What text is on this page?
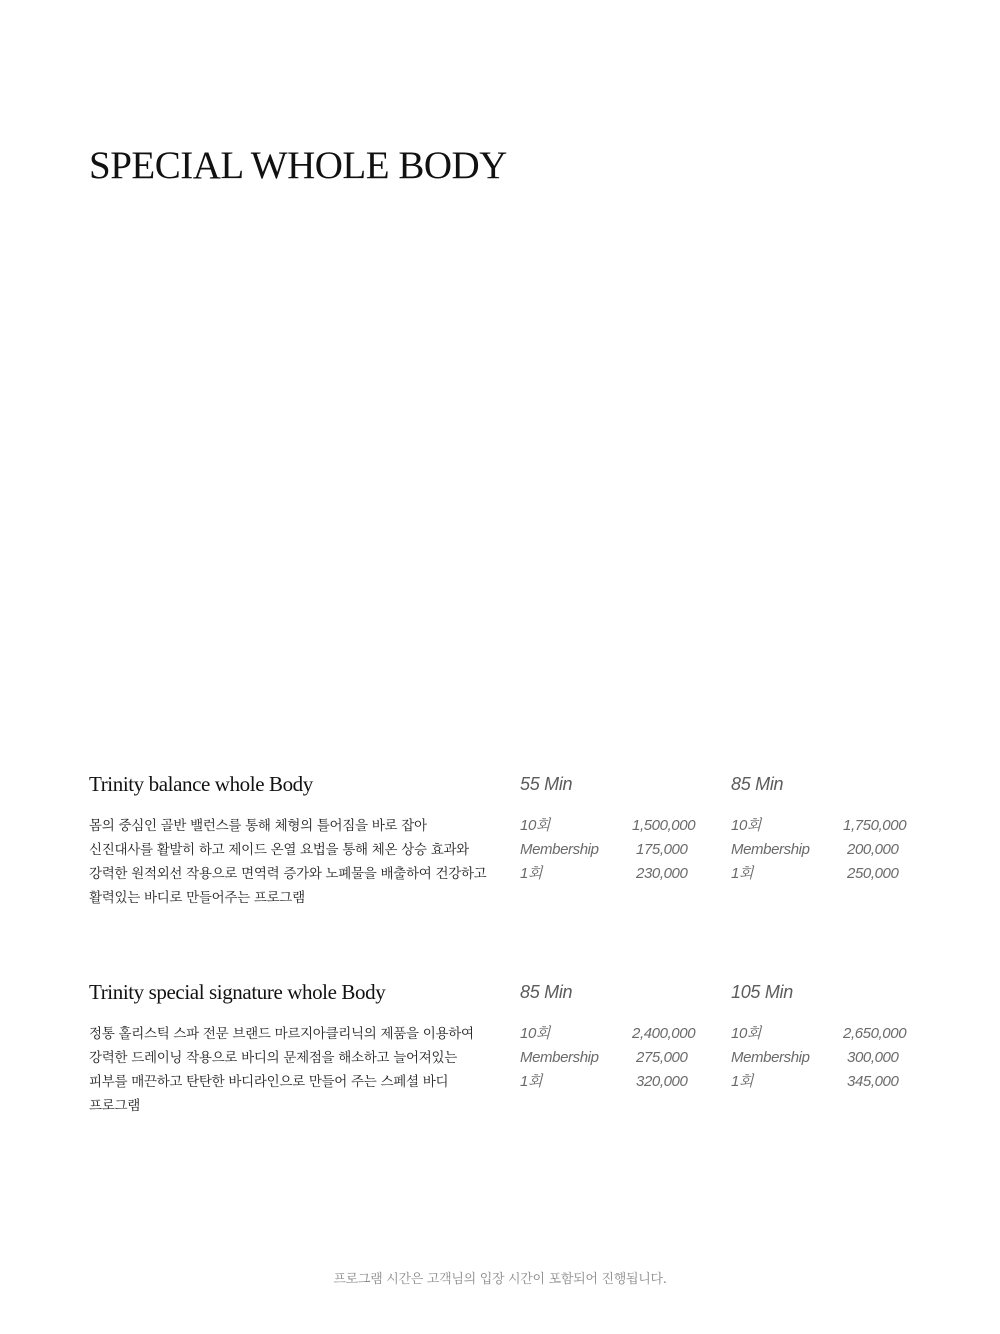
SPECIAL WHOLE BODY
Trinity balance whole Body

몸의 중심인 골반 밸런스를 통해 체형의 틀어짐을 바로 잡아 신진대사를 활발히 하고 제이드 온열 요법을 통해 체온 상승 효과와 강력한 원적외선 작용으로 면역력 증가와 노폐물을 배출하여 건강하고 활력있는 바디로 만들어주는 프로그램

55 Min
10회	1,500,000
Membership 175,000
1회	230,000
85 Min
10회	1,750,000
Membership 200,000
1회	250,000
Trinity special signature whole Body

정통 홀리스틱 스파 전문 브랜드 마르지아클리닉의 제품을 이용하여 강력한 드레이닝 작용으로 바디의 문제점을 해소하고 늘어져있는 피부를 매끈하고 탄탄한 바디라인으로 만들어 주는 스페셜 바디 프로그램

85 Min
10회	2,400,000
Membership 275,000
1회	320,000
105 Min
10회	2,650,000
Membership 300,000
1회	345,000

프로그램 시간은 고객님의 입장 시간이 포함되어 진행됩니다.
